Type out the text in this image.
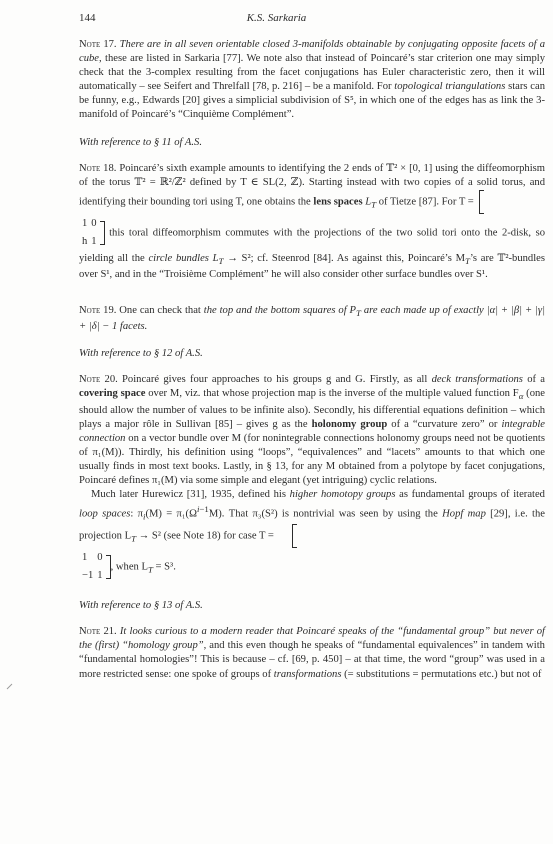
144	K.S. Sarkaria

Note 17. There are in all seven orientable closed 3-manifolds obtainable by conjugating opposite facets of a cube, these are listed in Sarkaria [77]. We note also that instead of Poincaré’s star criterion one may simply check that the 3-complex resulting from the facet conjugations has Euler characteristic zero, then it will automatically – see Seifert and Threlfall [78, p. 216] – be a manifold. For topological triangulations stars can be funny, e.g., Edwards [20] gives a simplicial subdivision of S⁵, in which one of the edges has as link the 3-manifold of Poincaré’s “Cinquième Complément”.

With reference to § 11 of A.S.

Note 18. Poincaré’s sixth example amounts to identifying the 2 ends of 𝕋² × [0, 1] using the diffeomorphism of the torus 𝕋² = ℝ²/ℤ² defined by T ∈ SL(2, ℤ). Starting instead with two copies of a solid torus, and identifying their bounding tori using T, one obtains the lens spaces $L_T$ of Tietze [87]. For T =

1	0
h	1 this toral diffeomorphism commutes with the projections of the two solid tori onto the 2-disk, so yielding all the circle bundles $L_T \to S^2$; cf. Steenrod [84]. As against this, Poincaré’s $M_T’s$ are 𝕋²-bundles over S¹, and in the “Troisième Complément” he will also consider other surface bundles over S¹.

Note 19. One can check that the top and the bottom squares of $P_T$ are each made up of exactly |α| + |β| + |γ| + |δ| − 1 facets.

With reference to § 12 of A.S.

Note 20. Poincaré gives four approaches to his groups g and G. Firstly, as all deck transformations of a covering space over M, viz. that whose projection map is the inverse of the multiple valued function $F_\alpha$ (one should allow the number of values to be infinite also). Secondly, his differential equations definition – which plays a major rôle in Sullivan [85] – gives g as the holonomy group of a “curvature zero” or integrable connection on a vector bundle over M (for nonintegrable connections holonomy groups need not be quotients of π₁(M)). Thirdly, his definition using “loops”, “equivalences” and “lacets” amounts to that which one usually finds in most text books. Lastly, in § 13, for any M obtained from a polytope by facet conjugations, Poincaré defines π₁(M) via some simple and elegant (yet intriguing) cyclic relations.

Much later Hurewicz [31], 1935, defined his higher homotopy groups as fundamental groups of iterated loop spaces: $\pi_i(M) = \pi_1(\Omega^{i-1}M)$. That π₃(S²) is nontrivial was seen by using the Hopf map [29], i.e. the projection $L_T \to S^2$ (see Note 18) for case T =

1	0
−1	1, when $L_T = S^3$.

With reference to § 13 of A.S.

Note 21. It looks curious to a modern reader that Poincaré speaks of the “fundamental group” but never of the (first) “homology group”, and this even though he speaks of “fundamental equivalences” in tandem with “fundamental homologies”! This is because – cf. [69, p. 450] – at that time, the word “group” was used in a more restricted sense: one spoke of groups of transformations (= substitutions = permutations etc.) but not of
